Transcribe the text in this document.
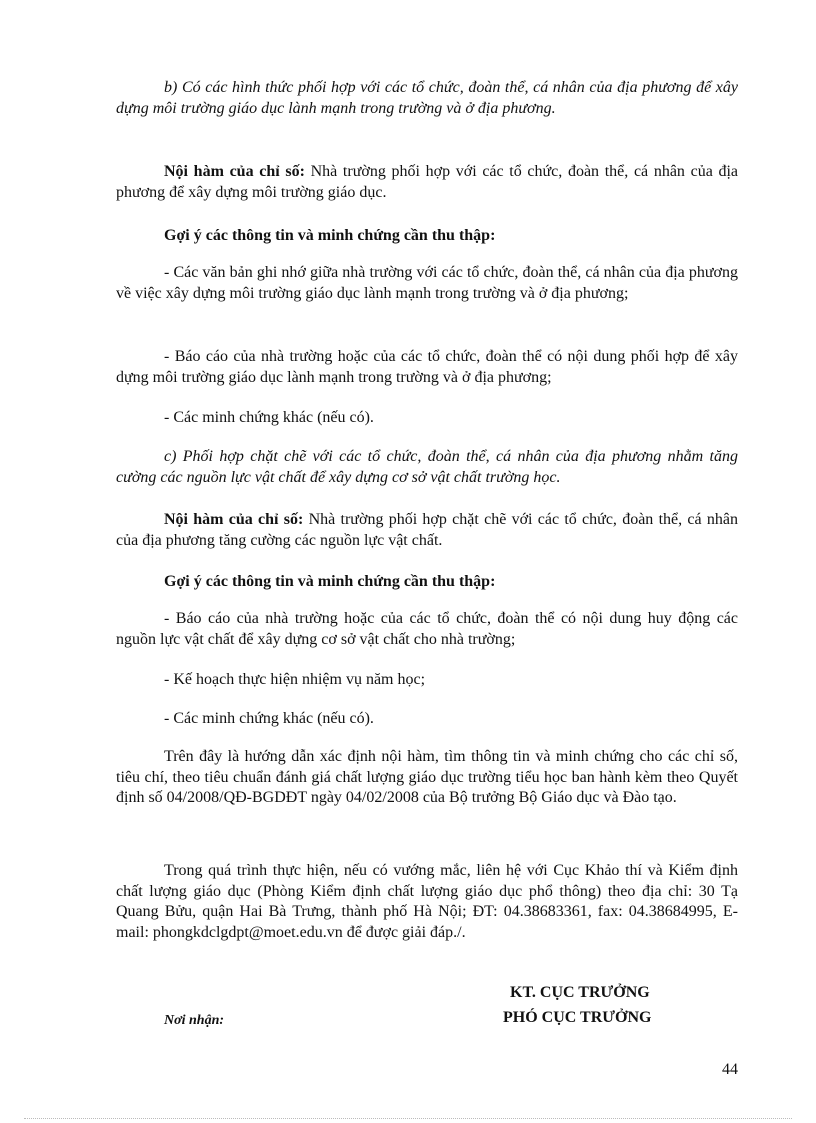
b) Có các hình thức phối hợp với các tổ chức, đoàn thể, cá nhân của địa phương để xây dựng môi trường giáo dục lành mạnh trong trường và ở địa phương.

Nội hàm của chỉ số: Nhà trường phối hợp với các tổ chức, đoàn thể, cá nhân của địa phương để xây dựng môi trường giáo dục.

Gợi ý các thông tin và minh chứng cần thu thập:

- Các văn bản ghi nhớ giữa nhà trường với các tổ chức, đoàn thể, cá nhân của địa phương về việc xây dựng môi trường giáo dục lành mạnh trong trường và ở địa phương;

- Báo cáo của nhà trường hoặc của các tổ chức, đoàn thể có nội dung phối hợp để xây dựng môi trường giáo dục lành mạnh trong trường và ở địa phương;

- Các minh chứng khác (nếu có).

c) Phối hợp chặt chẽ với các tổ chức, đoàn thể, cá nhân của địa phương nhằm tăng cường các nguồn lực vật chất để xây dựng cơ sở vật chất trường học.

Nội hàm của chỉ số: Nhà trường phối hợp chặt chẽ với các tổ chức, đoàn thể, cá nhân của địa phương tăng cường các nguồn lực vật chất.

Gợi ý các thông tin và minh chứng cần thu thập:

- Báo cáo của nhà trường hoặc của các tổ chức, đoàn thể có nội dung huy động các nguồn lực vật chất để xây dựng cơ sở vật chất cho nhà trường;

- Kế hoạch thực hiện nhiệm vụ năm học;

- Các minh chứng khác (nếu có).

Trên đây là hướng dẫn xác định nội hàm, tìm thông tin và minh chứng cho các chỉ số, tiêu chí, theo tiêu chuẩn đánh giá chất lượng giáo dục trường tiểu học ban hành kèm theo Quyết định số 04/2008/QĐ-BGDĐT ngày 04/02/2008 của Bộ trưởng Bộ Giáo dục và Đào tạo.

Trong quá trình thực hiện, nếu có vướng mắc, liên hệ với Cục Khảo thí và Kiểm định chất lượng giáo dục (Phòng Kiểm định chất lượng giáo dục phổ thông) theo địa chỉ: 30 Tạ Quang Bửu, quận Hai Bà Trưng, thành phố Hà Nội; ĐT: 04.38683361, fax: 04.38684995, E-mail: phongkdclgdpt@moet.edu.vn để được giải đáp./.

KT. CỤC TRƯỞNG
PHÓ CỤC TRƯỞNG
Nơi nhận:
44
